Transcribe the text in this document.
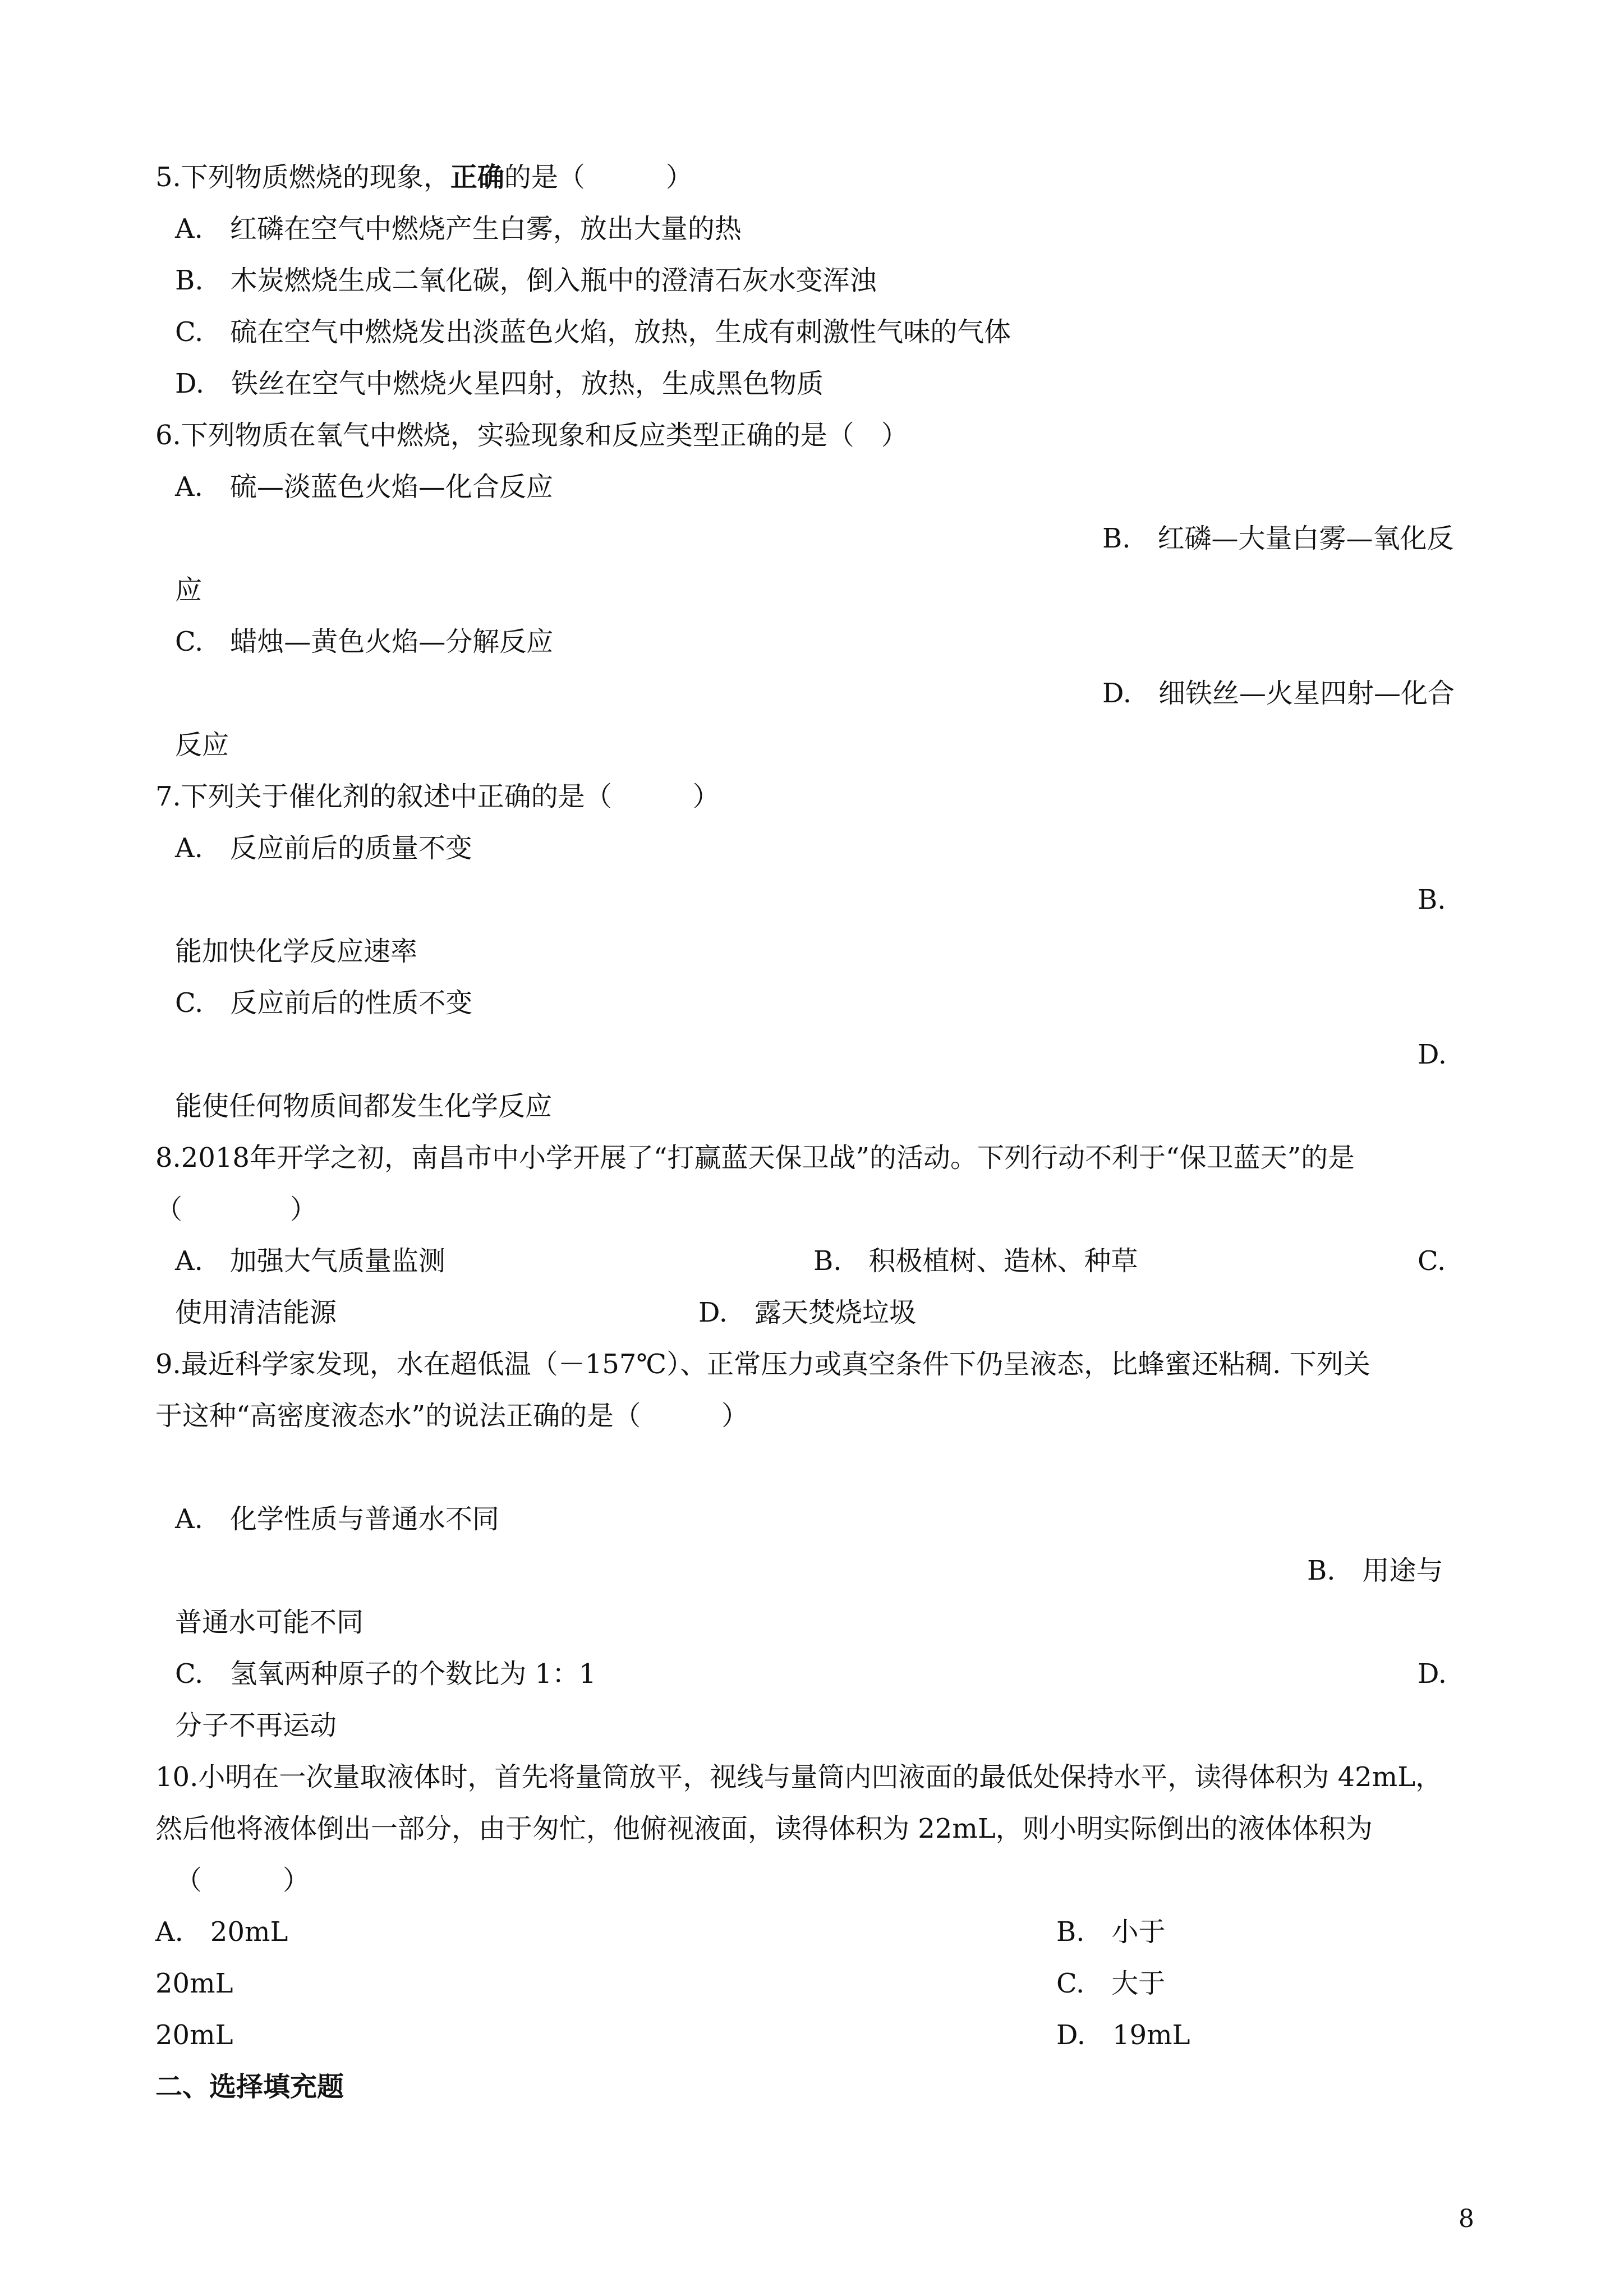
5.下列物质燃烧的现象，正确的是（　　　）
A.　红磷在空气中燃烧产生白雾，放出大量的热
B.　木炭燃烧生成二氧化碳，倒入瓶中的澄清石灰水变浑浊
C.　硫在空气中燃烧发出淡蓝色火焰，放热，生成有刺激性气味的气体
D.　铁丝在空气中燃烧火星四射，放热，生成黑色物质
6.下列物质在氧气中燃烧，实验现象和反应类型正确的是（　）
A.　硫—淡蓝色火焰—化合反应
B.　红磷—大量白雾—氧化反
应
C.　蜡烛—黄色火焰—分解反应
D.　细铁丝—火星四射—化合
反应
7.下列关于催化剂的叙述中正确的是（　　　）
A.　反应前后的质量不变
B.
能加快化学反应速率
C.　反应前后的性质不变
D.
能使任何物质间都发生化学反应
8.2018年开学之初，南昌市中小学开展了“打赢蓝天保卫战”的活动。下列行动不利于“保卫蓝天”的是
（　　　　）
A.　加强大气质量监测	B.　积极植树、造林、种草	C.
使用清洁能源	D.　露天焚烧垃圾
9.最近科学家发现，水在超低温（－157℃）、正常压力或真空条件下仍呈液态，比蜂蜜还粘稠. 下列关
于这种“高密度液态水”的说法正确的是（　　　）
A.　化学性质与普通水不同
B.　用途与
普通水可能不同
C.　氢氧两种原子的个数比为 1：1	D.
分子不再运动
10.小明在一次量取液体时，首先将量筒放平，视线与量筒内凹液面的最低处保持水平，读得体积为 42mL，
然后他将液体倒出一部分，由于匆忙，他俯视液面，读得体积为 22mL，则小明实际倒出的液体体积为
（　　　）
A.　20mL	B.　小于
20mL	C.　大于
20mL	D.　19mL
二、选择填充题
8
